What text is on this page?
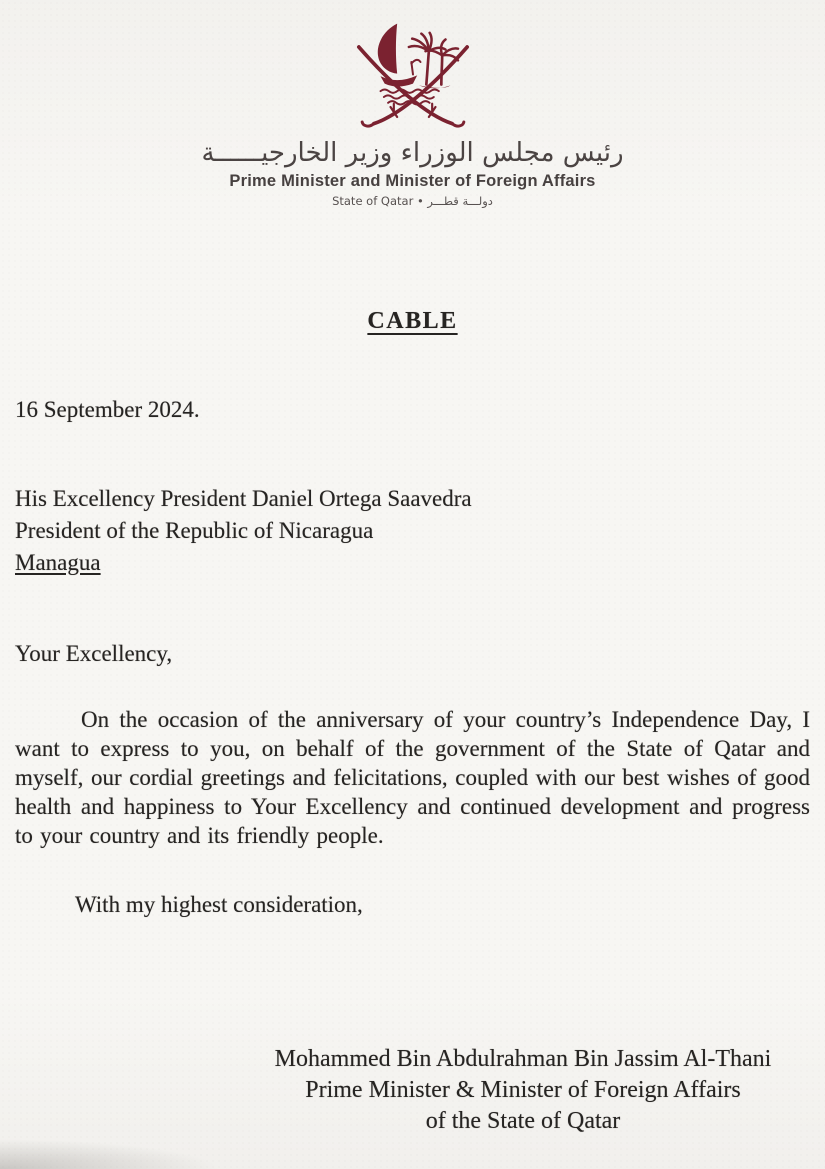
رئيس مجلس الوزراء وزير الخارجيــــــة
Prime Minister and Minister of Foreign Affairs
State of Qatar • دولـــة قطـــر
CABLE
16 September 2024.
His Excellency President Daniel Ortega Saavedra
President of the Republic of Nicaragua
Managua
Your Excellency,
On the occasion of the anniversary of your country’s Independence Day, I want to express to you, on behalf of the government of the State of Qatar and myself, our cordial greetings and felicitations, coupled with our best wishes of good health and happiness to Your Excellency and continued development and progress to your country and its friendly people.
With my highest consideration,
Mohammed Bin Abdulrahman Bin Jassim Al-Thani
Prime Minister & Minister of Foreign Affairs
of the State of Qatar
